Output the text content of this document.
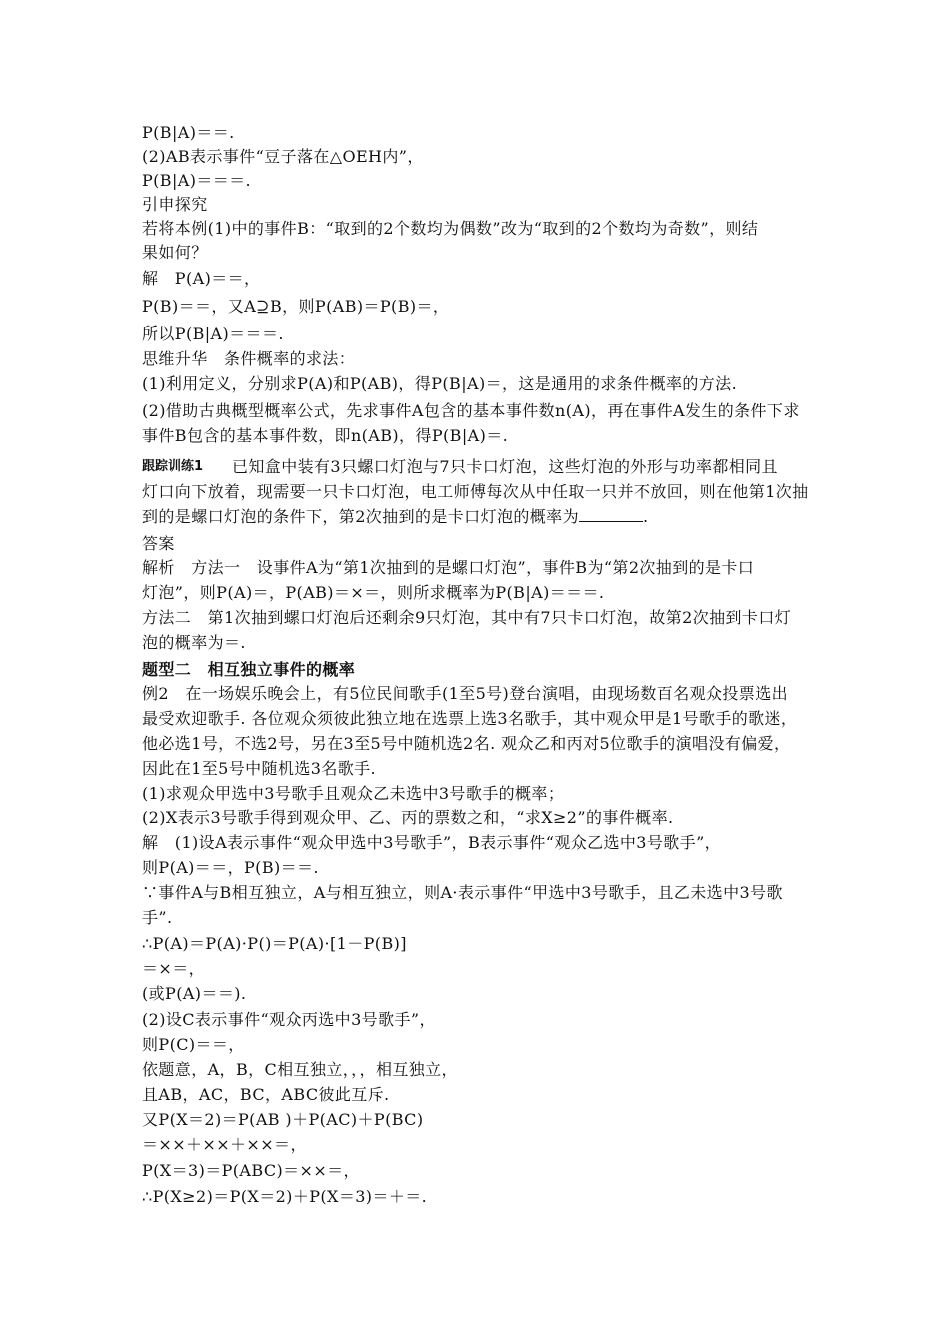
P(B|A)＝＝.
(2)AB表示事件“豆子落在△OEH内”，
P(B|A)＝＝＝.
引申探究
若将本例(1)中的事件B：“取到的2个数均为偶数”改为“取到的2个数均为奇数”，则结
果如何？
解　P(A)＝＝，
P(B)＝＝，又A⊇B，则P(AB)＝P(B)＝，
所以P(B|A)＝＝＝.
思维升华　条件概率的求法：
(1)利用定义，分别求P(A)和P(AB)，得P(B|A)＝，这是通用的求条件概率的方法.
(2)借助古典概型概率公式，先求事件A包含的基本事件数n(A)，再在事件A发生的条件下求
事件B包含的基本事件数，即n(AB)，得P(B|A)＝.
跟踪训练1 已知盒中装有3只螺口灯泡与7只卡口灯泡，这些灯泡的外形与功率都相同且
灯口向下放着，现需要一只卡口灯泡，电工师傅每次从中任取一只并不放回，则在他第1次抽
到的是螺口灯泡的条件下，第2次抽到的是卡口灯泡的概率为	.
答案
解析　方法一　设事件A为“第1次抽到的是螺口灯泡”，事件B为“第2次抽到的是卡口
灯泡”，则P(A)＝，P(AB)＝×＝，则所求概率为P(B|A)＝＝＝.
方法二　第1次抽到螺口灯泡后还剩余9只灯泡，其中有7只卡口灯泡，故第2次抽到卡口灯
泡的概率为＝.
题型二　相互独立事件的概率
例2　在一场娱乐晚会上，有5位民间歌手(1至5号)登台演唱，由现场数百名观众投票选出
最受欢迎歌手. 各位观众须彼此独立地在选票上选3名歌手，其中观众甲是1号歌手的歌迷，
他必选1号，不选2号，另在3至5号中随机选2名. 观众乙和丙对5位歌手的演唱没有偏爱，
因此在1至5号中随机选3名歌手.
(1)求观众甲选中3号歌手且观众乙未选中3号歌手的概率；
(2)X表示3号歌手得到观众甲、乙、丙的票数之和，“求X≥2”的事件概率.
解　(1)设A表示事件“观众甲选中3号歌手”，B表示事件“观众乙选中3号歌手”，
则P(A)＝＝，P(B)＝＝.
∵事件A与B相互独立，A与相互独立，则A·表示事件“甲选中3号歌手，且乙未选中3号歌
手”.
∴P(A)＝P(A)·P()＝P(A)·[1－P(B)]
＝×＝，
(或P(A)＝＝).
(2)设C表示事件“观众丙选中3号歌手”，
则P(C)＝＝，
依题意，A，B，C相互独立，，，相互独立，
且AB，AC，BC，ABC彼此互斥.
又P(X＝2)＝P(AB )＋P(AC)＋P(BC)
＝××＋××＋××＝，
P(X＝3)＝P(ABC)＝××＝，
∴P(X≥2)＝P(X＝2)＋P(X＝3)＝＋＝.
